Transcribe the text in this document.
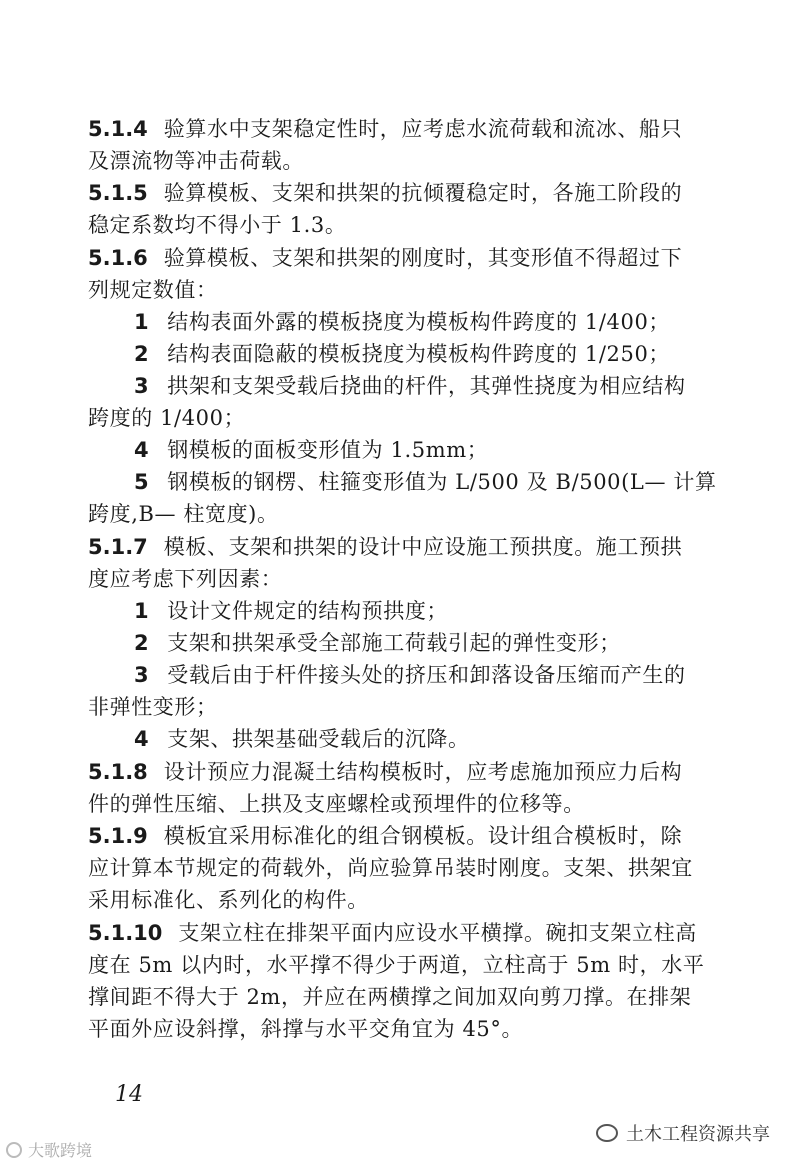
5.1.4 验算水中支架稳定性时，应考虑水流荷载和流冰、船只
及漂流物等冲击荷载。
5.1.5 验算模板、支架和拱架的抗倾覆稳定时，各施工阶段的
稳定系数均不得小于 1.3。
5.1.6 验算模板、支架和拱架的刚度时，其变形值不得超过下
列规定数值：
1 结构表面外露的模板挠度为模板构件跨度的 1/400；
2 结构表面隐蔽的模板挠度为模板构件跨度的 1/250；
3 拱架和支架受载后挠曲的杆件，其弹性挠度为相应结构
跨度的 1/400；
4 钢模板的面板变形值为 1.5mm；
5 钢模板的钢楞、柱箍变形值为 L/500 及 B/500(L— 计算
跨度,B— 柱宽度)。
5.1.7 模板、支架和拱架的设计中应设施工预拱度。施工预拱
度应考虑下列因素：
1 设计文件规定的结构预拱度；
2 支架和拱架承受全部施工荷载引起的弹性变形；
3 受载后由于杆件接头处的挤压和卸落设备压缩而产生的
非弹性变形；
4 支架、拱架基础受载后的沉降。
5.1.8 设计预应力混凝土结构模板时，应考虑施加预应力后构
件的弹性压缩、上拱及支座螺栓或预埋件的位移等。
5.1.9 模板宜采用标准化的组合钢模板。设计组合模板时，除
应计算本节规定的荷载外，尚应验算吊装时刚度。支架、拱架宜
采用标准化、系列化的构件。
5.1.10 支架立柱在排架平面内应设水平横撑。碗扣支架立柱高
度在 5m 以内时，水平撑不得少于两道，立柱高于 5m 时，水平
撑间距不得大于 2m，并应在两横撑之间加双向剪刀撑。在排架
平面外应设斜撑，斜撑与水平交角宜为 45°。
14
土木工程资源共享
大歌跨境
